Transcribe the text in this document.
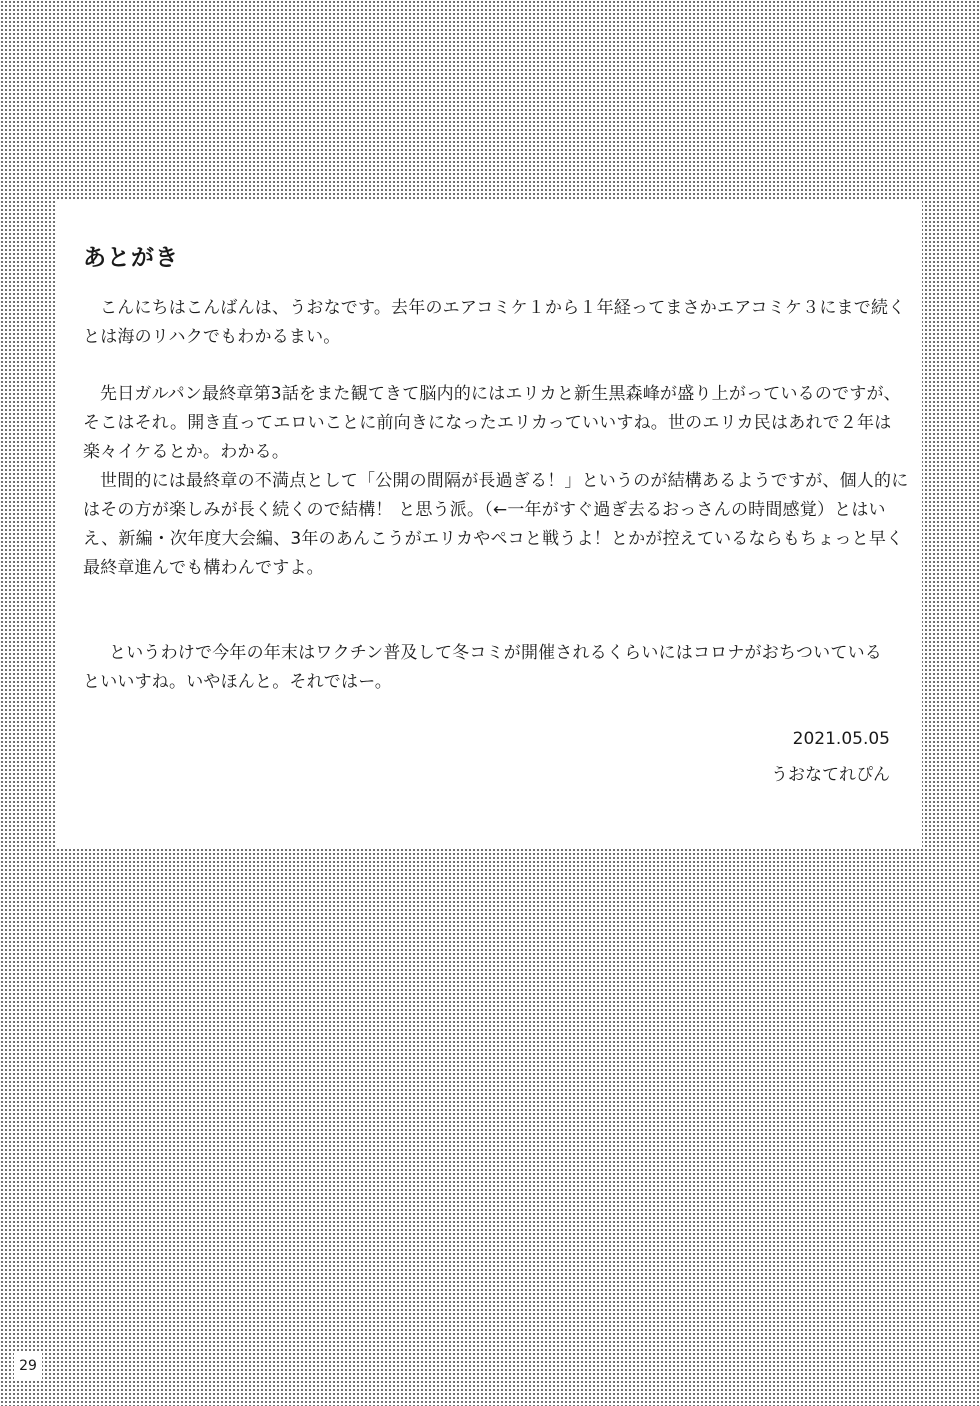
あとがき

こんにちはこんばんは、うおなです。去年のエアコミケ１から１年経ってまさかエアコミケ３にまで続くとは海のリハクでもわかるまい。

先日ガルパン最終章第3話をまた観てきて脳内的にはエリカと新生黒森峰が盛り上がっているのですが、そこはそれ。開き直ってエロいことに前向きになったエリカっていいすね。世のエリカ民はあれで２年は楽々イケるとか。わかる。

世間的には最終章の不満点として「公開の間隔が長過ぎる！」というのが結構あるようですが、個人的にはその方が楽しみが長く続くので結構！ と思う派。（←一年がすぐ過ぎ去るおっさんの時間感覚）とはいえ、新編・次年度大会編、3年のあんこうがエリカやペコと戦うよ！とかが控えているならもちょっと早く最終章進んでも構わんですよ。

というわけで今年の年末はワクチン普及して冬コミが開催されるくらいにはコロナがおちついているといいすね。いやほんと。それではー。

2021.05.05

うおなてれぴん

29
